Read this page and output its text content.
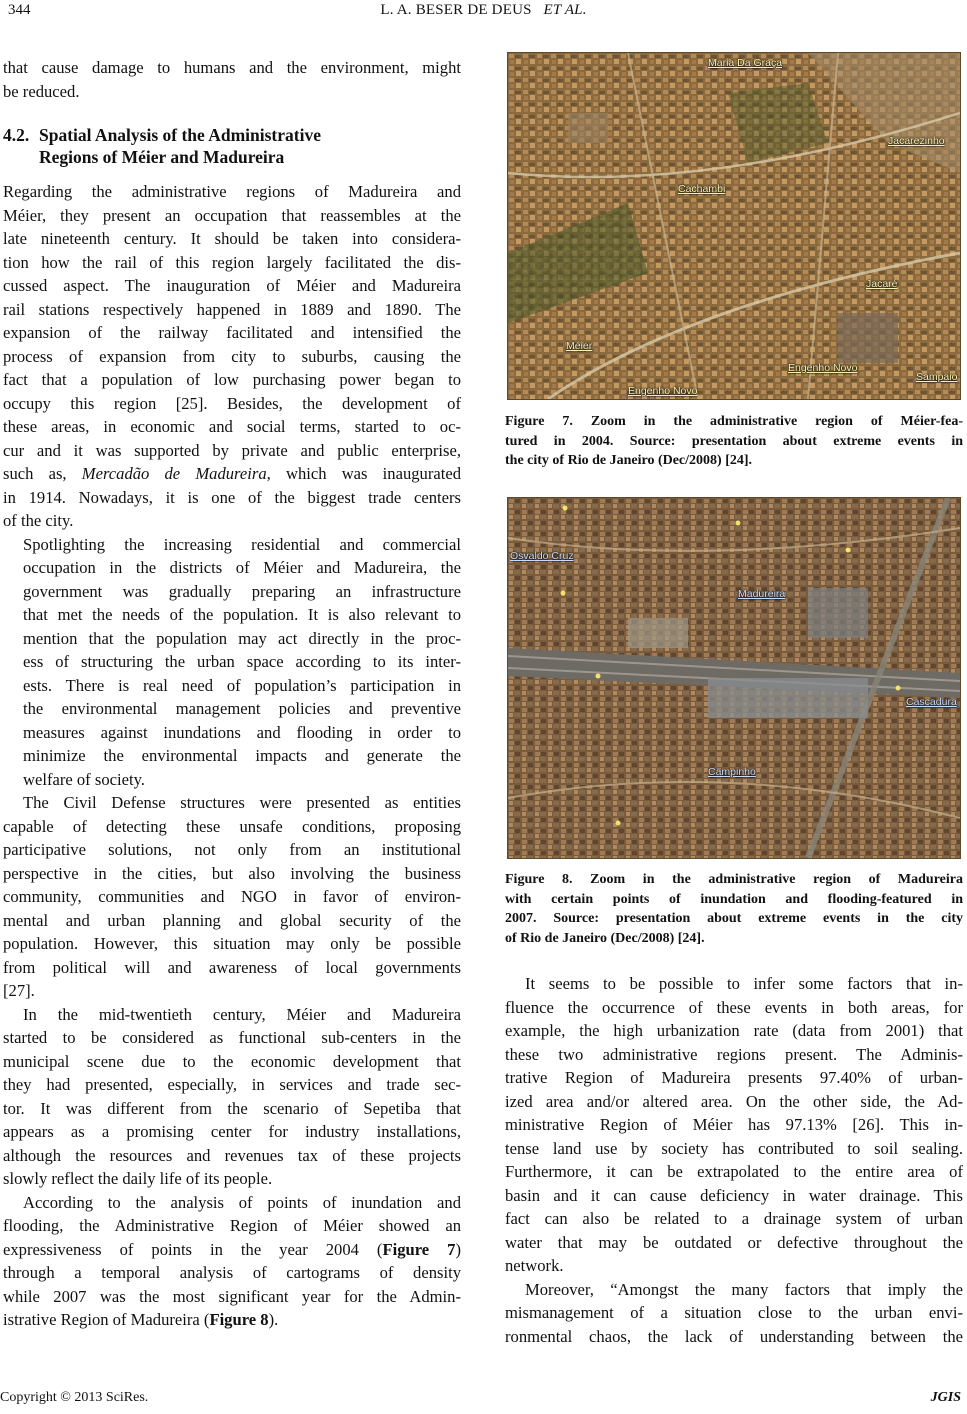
344	L. A. BESER DE DEUS ET AL.

that cause damage to humans and the environment, might
be reduced.

4.2. Spatial Analysis of the Administrative
Regions of Méier and Madureira

Regarding the administrative regions of Madureira and
Méier, they present an occupation that reassembles at the
late nineteenth century. It should be taken into considera-
tion how the rail of this region largely facilitated the dis-
cussed aspect. The inauguration of Méier and Madureira
rail stations respectively happened in 1889 and 1890. The
expansion of the railway facilitated and intensified the
process of expansion from city to suburbs, causing the
fact that a population of low purchasing power began to
occupy this region [25]. Besides, the development of
these areas, in economic and social terms, started to oc-
cur and it was supported by private and public enterprise,
such as, Mercadão de Madureira, which was inaugurated
in 1914. Nowadays, it is one of the biggest trade centers
of the city.

Spotlighting the increasing residential and commercial
occupation in the districts of Méier and Madureira, the
government was gradually preparing an infrastructure
that met the needs of the population. It is also relevant to
mention that the population may act directly in the proc-
ess of structuring the urban space according to its inter-
ests. There is real need of population’s participation in
the environmental management policies and preventive
measures against inundations and flooding in order to
minimize the environmental impacts and generate the
welfare of society.

The Civil Defense structures were presented as entities
capable of detecting these unsafe conditions, proposing
participative solutions, not only from an institutional
perspective in the cities, but also involving the business
community, communities and NGO in favor of environ-
mental and urban planning and global security of the
population. However, this situation may only be possible
from political will and awareness of local governments
[27].

In the mid-twentieth century, Méier and Madureira
started to be considered as functional sub-centers in the
municipal scene due to the economic development that
they had presented, especially, in services and trade sec-
tor. It was different from the scenario of Sepetiba that
appears as a promising center for industry installations,
although the resources and revenues tax of these projects
slowly reflect the daily life of its people.

According to the analysis of points of inundation and
flooding, the Administrative Region of Méier showed an
expressiveness of points in the year 2004 (Figure 7)
through a temporal analysis of cartograms of density
while 2007 was the most significant year for the Admin-
istrative Region of Madureira (Figure 8).

Maria Da Graça
Jacarezinho
Cachambi
Jacaré
Méier
Engenho Novo
Engenho Novo
Sampaio
Figure 7. Zoom in the administrative region of Méier-fea-
tured in 2004. Source: presentation about extreme events in
the city of Rio de Janeiro (Dec/2008) [24].
Osvaldo Cruz
Madureira
Cascadura
Campinho
Figure 8. Zoom in the administrative region of Madureira
with certain points of inundation and flooding-featured in
2007. Source: presentation about extreme events in the city
of Rio de Janeiro (Dec/2008) [24].

It seems to be possible to infer some factors that in-
fluence the occurrence of these events in both areas, for
example, the high urbanization rate (data from 2001) that
these two administrative regions present. The Adminis-
trative Region of Madureira presents 97.40% of urban-
ized area and/or altered area. On the other side, the Ad-
ministrative Region of Méier has 97.13% [26]. This in-
tense land use by society has contributed to soil sealing.
Furthermore, it can be extrapolated to the entire area of
basin and it can cause deficiency in water drainage. This
fact can also be related to a drainage system of urban
water that may be outdated or defective throughout the
network.

Moreover, “Amongst the many factors that imply the
mismanagement of a situation close to the urban envi-
ronmental chaos, the lack of understanding between the

Copyright © 2013 SciRes.	JGIS
